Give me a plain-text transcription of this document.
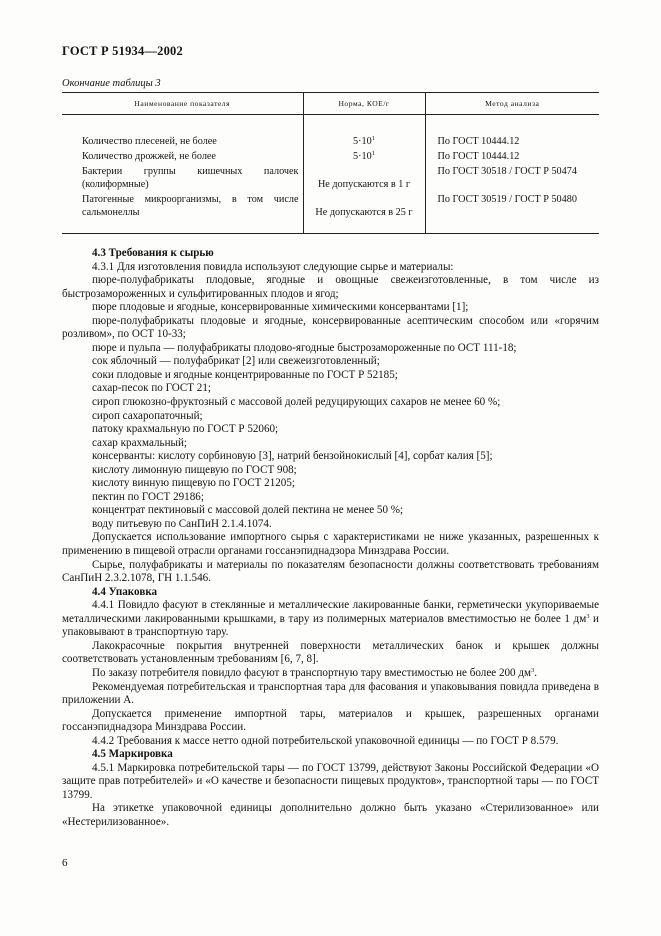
ГОСТ Р 51934—2002
Окончание таблицы 3
Наименование показателя	Норма, КОЕ/г	Метод анализа

Количество плесеней, не более	$5\cdot 10^1$	По ГОСТ 10444.12
Количество дрожжей, не более	$5\cdot 10^1$	По ГОСТ 10444.12
Бактерии группы кишечных палочек (колиформные)	Не допускаются в 1 г	По ГОСТ 30518 / ГОСТ Р 50474
Патогенные микроорганизмы, в том числе сальмонеллы	Не допускаются в 25 г	По ГОСТ 30519 / ГОСТ Р 50480

4.3 Требования к сырью

4.3.1 Для изготовления повидла используют следующие сырье и материалы:

пюре-полуфабрикаты плодовые, ягодные и овощные свежеизготовленные, в том числе из быстрозамороженных и сульфитированных плодов и ягод;

пюре плодовые и ягодные, консервированные химическими консервантами [1];

пюре-полуфабрикаты плодовые и ягодные, консервированные асептическим способом или «горячим розливом», по ОСТ 10-33;

пюре и пульпа — полуфабрикаты плодово-ягодные быстрозамороженные по ОСТ 111-18;

сок яблочный — полуфабрикат [2] или свежеизготовленный;

соки плодовые и ягодные концентрированные по ГОСТ Р 52185;

сахар-песок по ГОСТ 21;

сироп глюкозно-фруктозный с массовой долей редуцирующих сахаров не менее 60 %;

сироп сахаропаточный;

патоку крахмальную по ГОСТ Р 52060;

сахар крахмальный;

консерванты: кислоту сорбиновую [3], натрий бензойнокислый [4], сорбат калия [5];

кислоту лимонную пищевую по ГОСТ 908;

кислоту винную пищевую по ГОСТ 21205;

пектин по ГОСТ 29186;

концентрат пектиновый с массовой долей пектина не менее 50 %;

воду питьевую по СанПиН 2.1.4.1074.

Допускается использование импортного сырья с характеристиками не ниже указанных, разрешенных к применению в пищевой отрасли органами госсанэпиднадзора Минздрава России.

Сырье, полуфабрикаты и материалы по показателям безопасности должны соответствовать требованиям СанПиН 2.3.2.1078, ГН 1.1.546.

4.4 Упаковка

4.4.1 Повидло фасуют в стеклянные и металлические лакированные банки, герметически укупориваемые металлическими лакированными крышками, в тару из полимерных материалов вместимостью не более 1 $дм^3$ и упаковывают в транспортную тару.

Лакокрасочные покрытия внутренней поверхности металлических банок и крышек должны соответствовать установленным требованиям [6, 7, 8].

По заказу потребителя повидло фасуют в транспортную тару вместимостью не более 200 $дм^3$.

Рекомендуемая потребительская и транспортная тара для фасования и упаковывания повидла приведена в приложении А.

Допускается применение импортной тары, материалов и крышек, разрешенных органами госсанэпиднадзора Минздрава России.

4.4.2 Требования к массе нетто одной потребительской упаковочной единицы — по ГОСТ Р 8.579.

4.5 Маркировка

4.5.1 Маркировка потребительской тары — по ГОСТ 13799, действуют Законы Российской Федерации «О защите прав потребителей» и «О качестве и безопасности пищевых продуктов», транспортной тары — по ГОСТ 13799.

На этикетке упаковочной единицы дополнительно должно быть указано «Стерилизованное» или «Нестерилизованное».

6
